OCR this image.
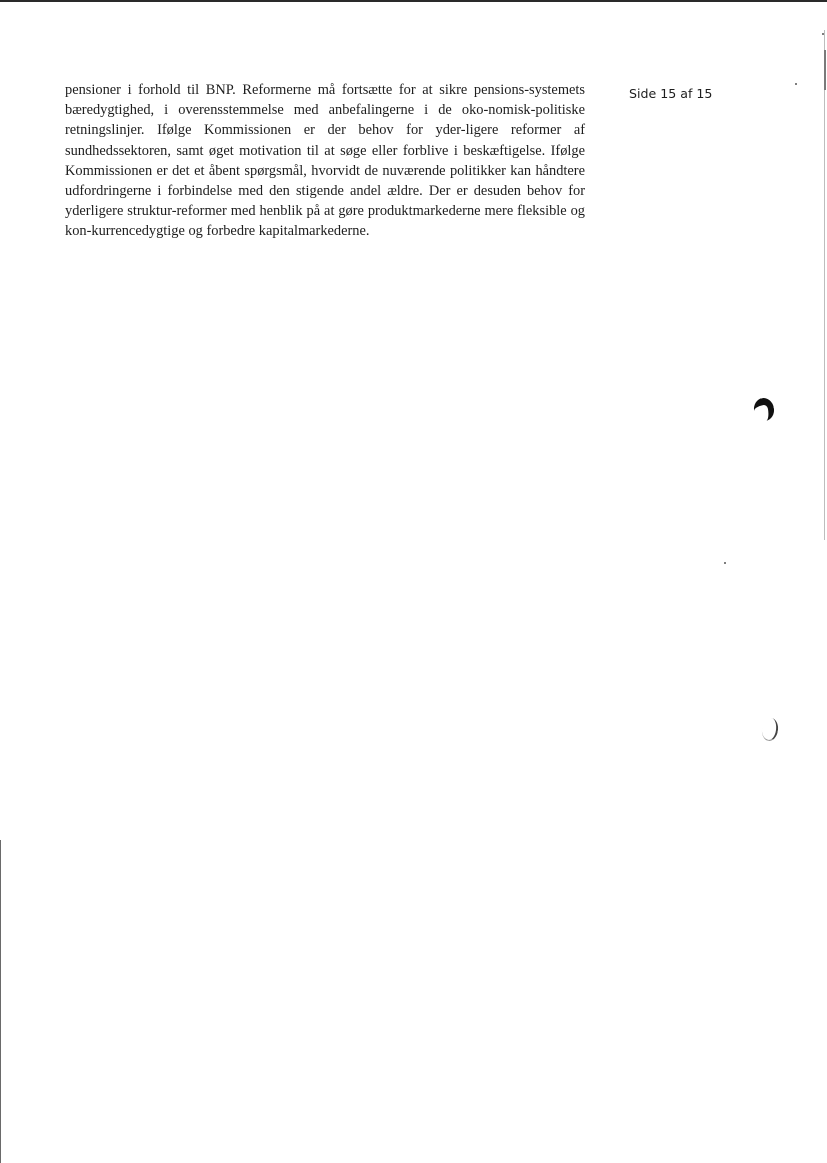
pensioner i forhold til BNP. Reformerne må fortsætte for at sikre pensions-systemets bæredygtighed, i overensstemmelse med anbefalingerne i de oko-nomisk-politiske retningslinjer. Ifølge Kommissionen er der behov for yder-ligere reformer af sundhedssektoren, samt øget motivation til at søge eller forblive i beskæftigelse. Ifølge Kommissionen er det et åbent spørgsmål, hvorvidt de nuværende politikker kan håndtere udfordringerne i forbindelse med den stigende andel ældre. Der er desuden behov for yderligere struktur-reformer med henblik på at gøre produktmarkederne mere fleksible og kon-kurrencedygtige og forbedre kapitalmarkederne.

Side 15 af 15
